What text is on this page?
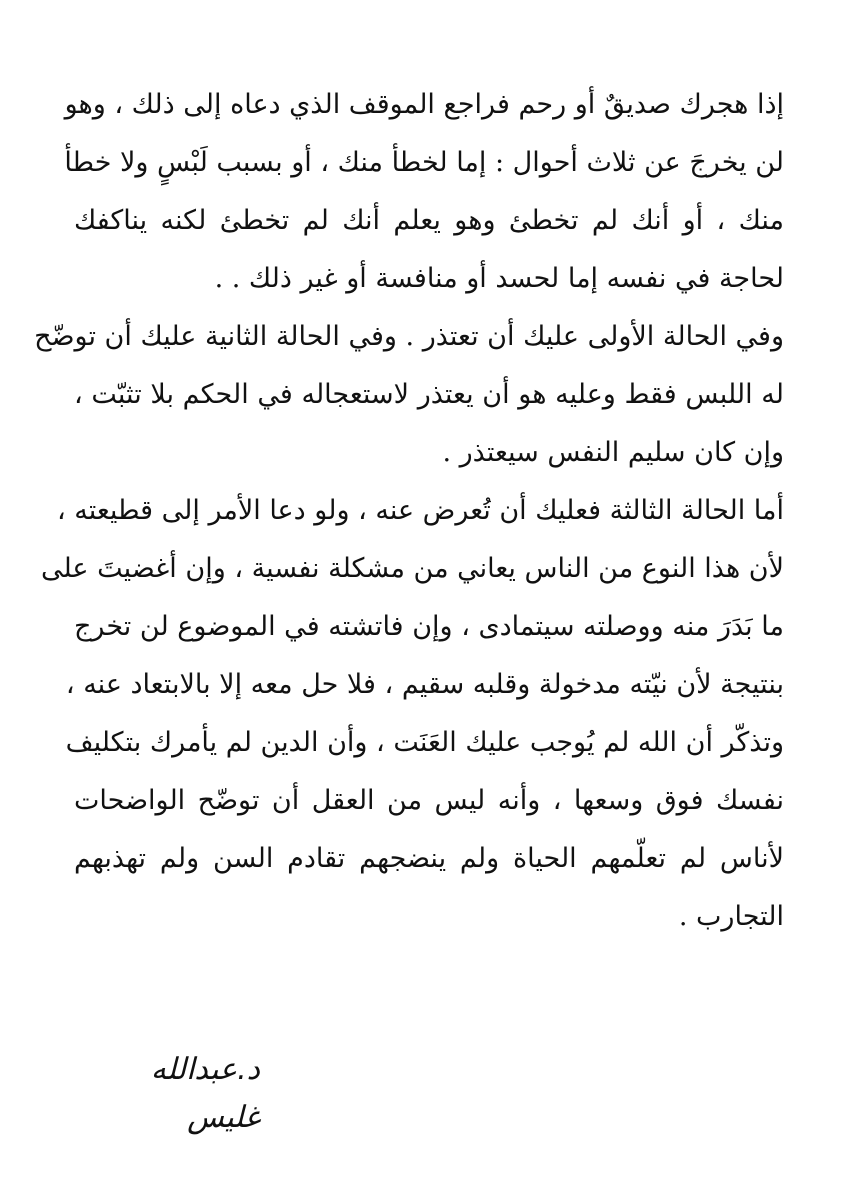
إذا هجرك صديقٌ أو رحم فراجع الموقف الذي دعاه إلى ذلك ، وهو
لن يخرجَ عن ثلاث أحوال : إما لخطأ منك ، أو بسبب لَبْسٍ ولا خطأ
منك ، أو أنك لم تخطئ وهو يعلم أنك لم تخطئ لكنه يناكفك
لحاجة في نفسه إما لحسد أو منافسة أو غير ذلك . .
وفي الحالة الأولى عليك أن تعتذر . وفي الحالة الثانية عليك أن توضّح
له اللبس فقط وعليه هو أن يعتذر لاستعجاله في الحكم بلا تثبّت ،
وإن كان سليم النفس سيعتذر .
أما الحالة الثالثة فعليك أن تُعرض عنه ، ولو دعا الأمر إلى قطيعته ،
لأن هذا النوع من الناس يعاني من مشكلة نفسية ، وإن أغضيتَ على
ما بَدَرَ منه ووصلته سيتمادى ، وإن فاتشته في الموضوع لن تخرج
بنتيجة لأن نيّته مدخولة وقلبه سقيم ، فلا حل معه إلا بالابتعاد عنه ،
وتذكّر أن الله لم يُوجب عليك العَنَت ، وأن الدين لم يأمرك بتكليف
نفسك فوق وسعها ، وأنه ليس من العقل أن توضّح الواضحات
لأناس لم تعلّمهم الحياة ولم ينضجهم تقادم السن ولم تهذبهم
التجارب .
د.عبدالله غليس
